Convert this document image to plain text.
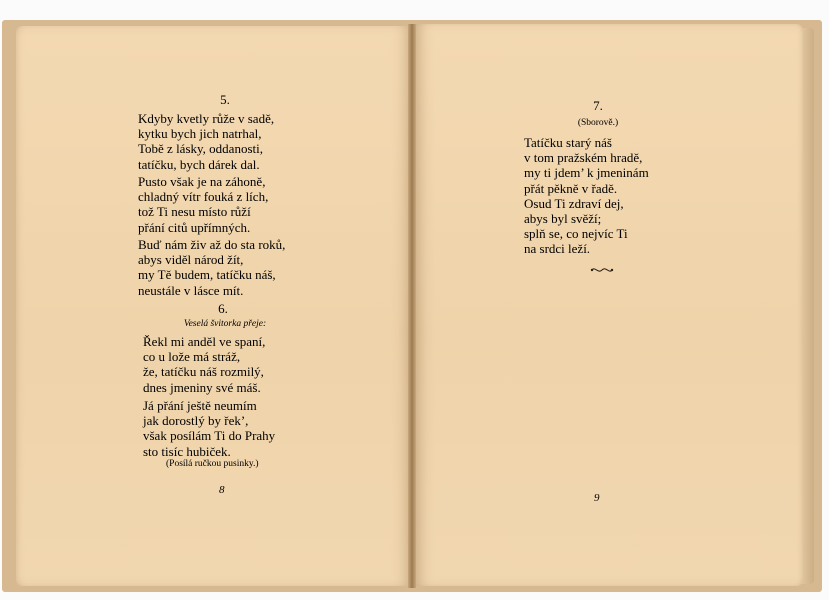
5.
Kdyby kvetly růže v sadě,
kytku bych jich natrhal,
Tobě z lásky, oddanosti,
tatíčku, bych dárek dal.
Pusto však je na záhoně,
chladný vítr fouká z lích,
tož Ti nesu místo růží
přání citů upřímných.
Buď nám živ až do sta roků,
abys viděl národ žít,
my Tě budem, tatíčku náš,
neustále v lásce mít.
6.
Veselá švitorka přeje:
Řekl mi anděl ve spaní,
co u lože má stráž,
že, tatíčku náš rozmilý,
dnes jmeniny své máš.
Já přání ještě neumím
jak dorostlý by řek’,
však posílám Ti do Prahy
sto tisíc hubiček.
(Posílá ručkou pusinky.)
8
7.
(Sborově.)
Tatíčku starý náš
v tom pražském hradě,
my ti jdem’ k jmeninám
přát pěkně v řadě.
Osud Ti zdraví dej,
abys byl svěží;
splň se, co nejvíc Ti
na srdci leží.
9
